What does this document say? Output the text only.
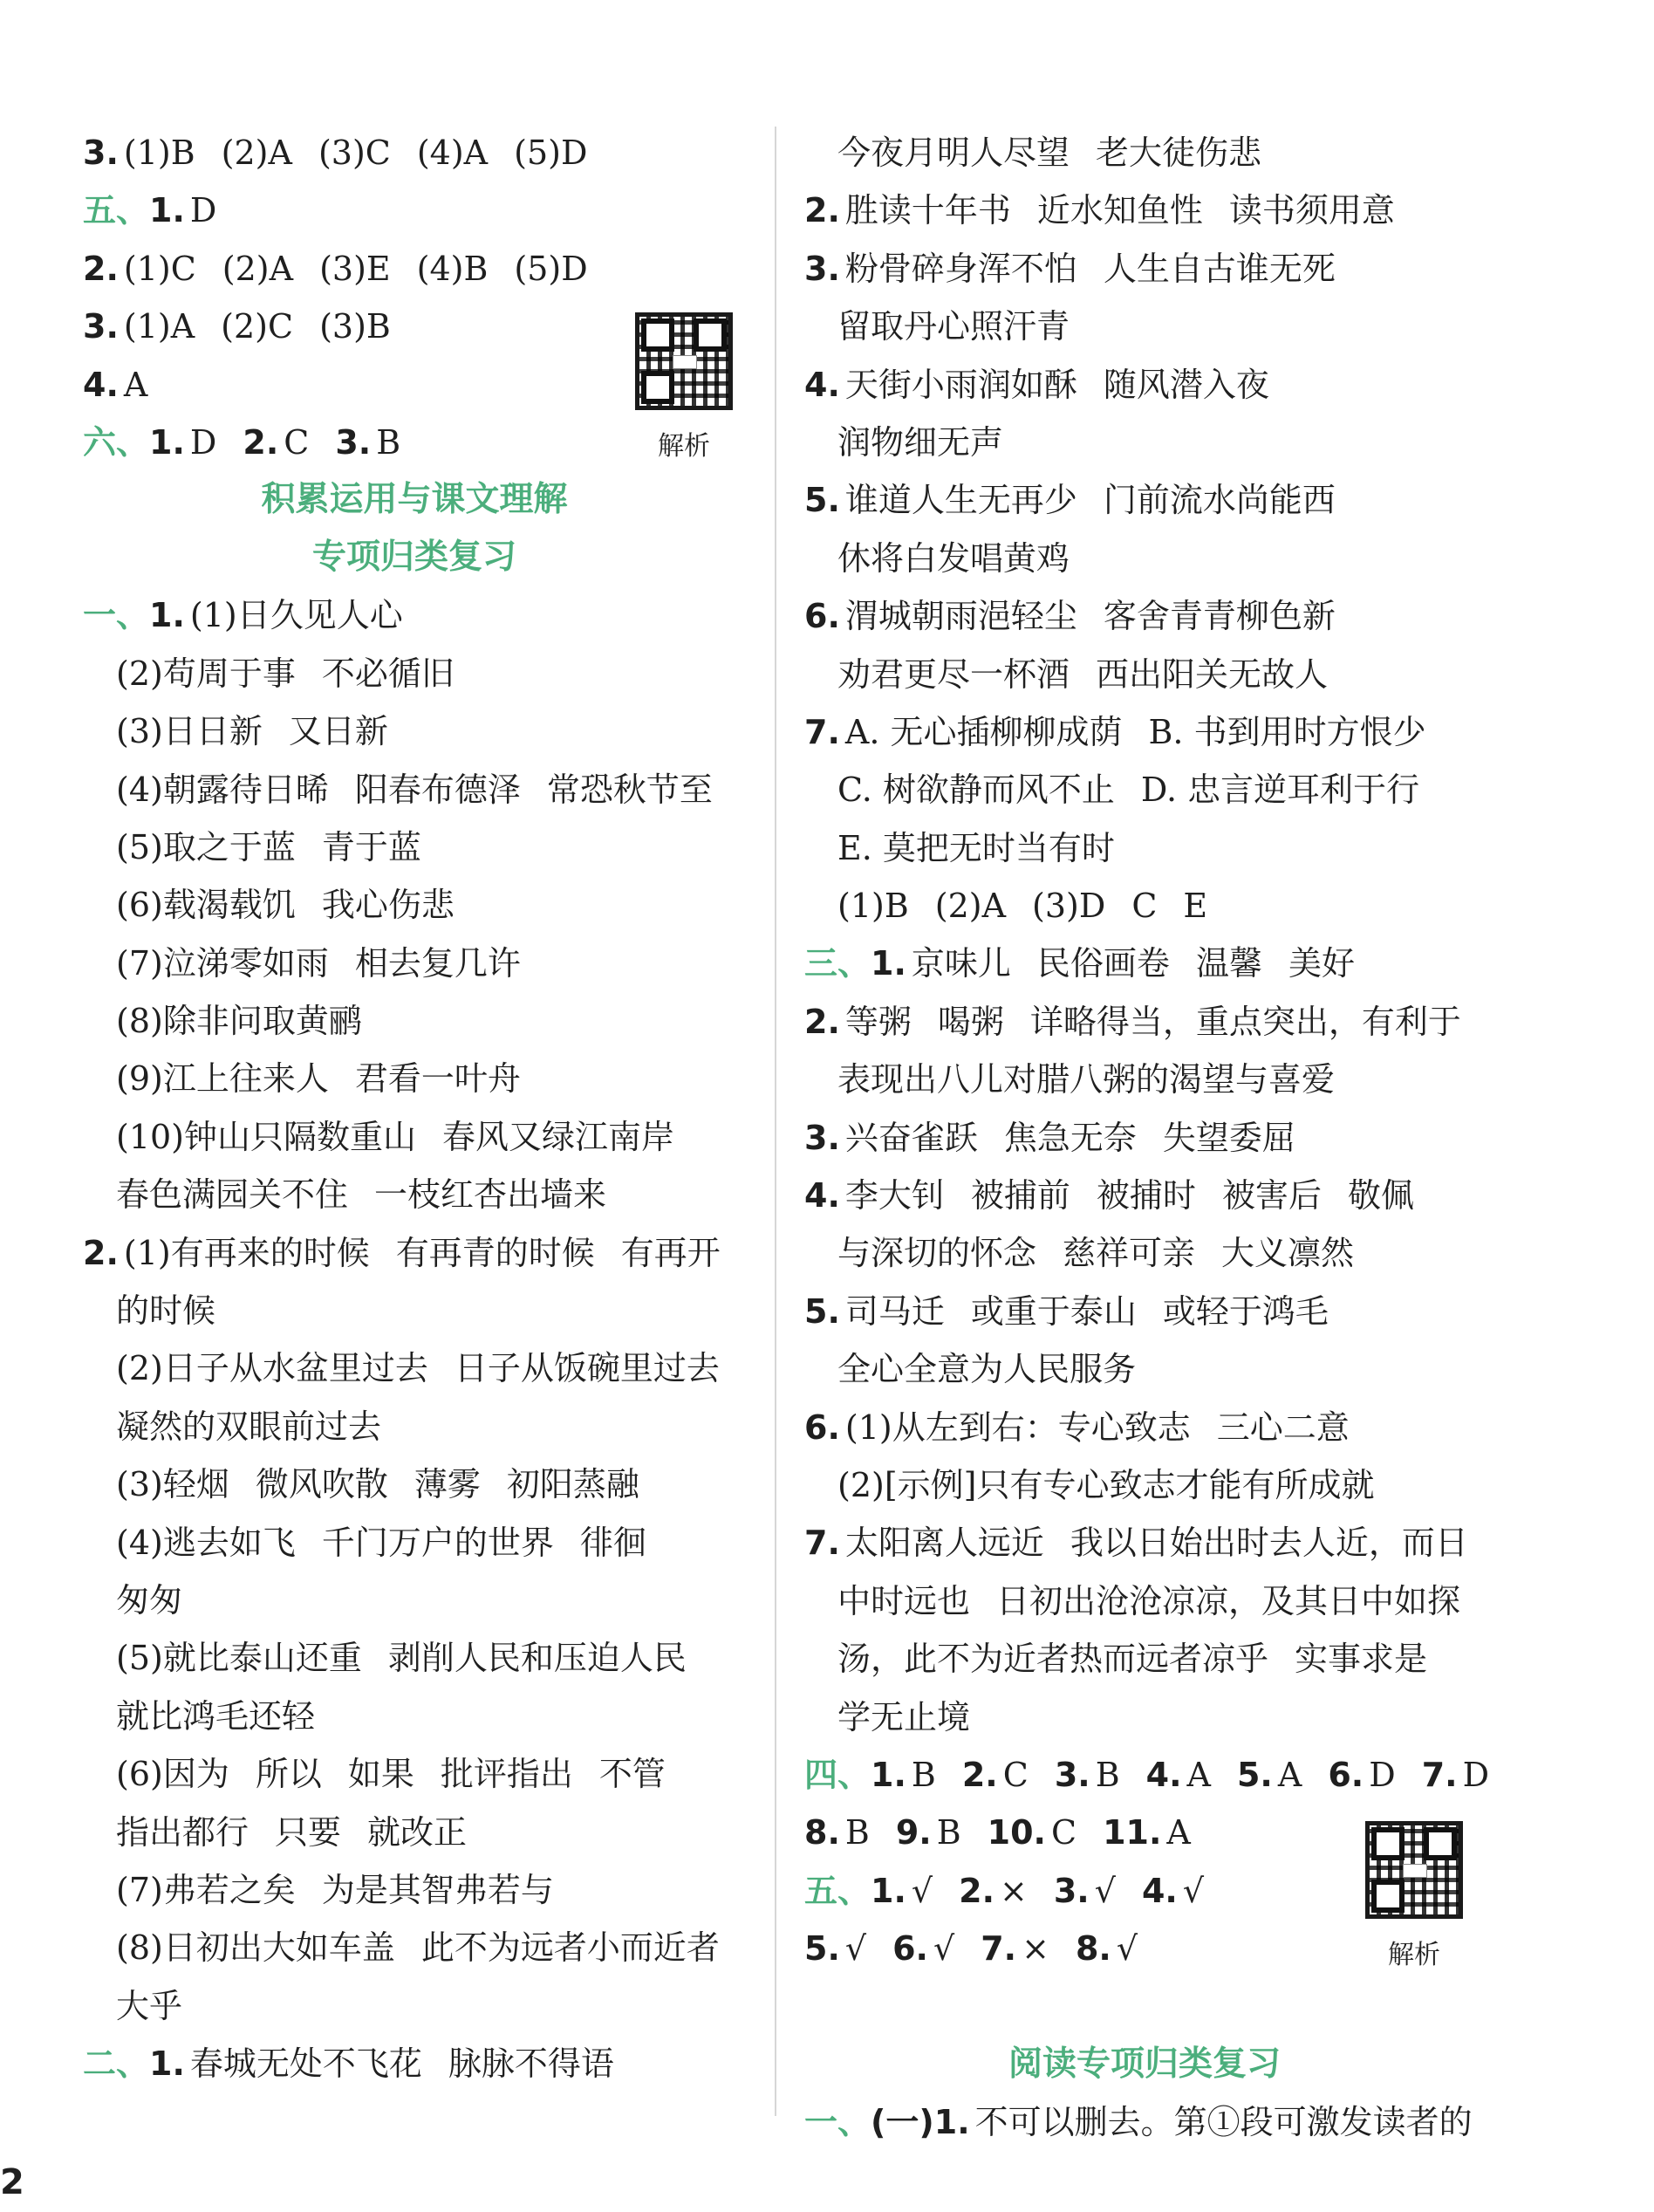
3. (1)B (2)A (3)C (4)A (5)D
五、1. D
2. (1)C (2)A (3)E (4)B (5)D
3. (1)A (2)C (3)B
4. A
六、1. D 2. C 3. B
积累运用与课文理解
专项归类复习
一、1. (1)日久见人心
(2)苟周于事 不必循旧
(3)日日新 又日新
(4)朝露待日晞 阳春布德泽 常恐秋节至
(5)取之于蓝 青于蓝
(6)载渴载饥 我心伤悲
(7)泣涕零如雨 相去复几许
(8)除非问取黄鹂
(9)江上往来人 君看一叶舟
(10)钟山只隔数重山 春风又绿江南岸
春色满园关不住 一枝红杏出墙来
2. (1)有再来的时候 有再青的时候 有再开
的时候
(2)日子从水盆里过去 日子从饭碗里过去
凝然的双眼前过去
(3)轻烟 微风吹散 薄雾 初阳蒸融
(4)逃去如飞 千门万户的世界 徘徊
匆匆
(5)就比泰山还重 剥削人民和压迫人民
就比鸿毛还轻
(6)因为 所以 如果 批评指出 不管
指出都行 只要 就改正
(7)弗若之矣 为是其智弗若与
(8)日初出大如车盖 此不为远者小而近者
大乎
二、1. 春城无处不飞花 脉脉不得语
今夜月明人尽望 老大徒伤悲
2. 胜读十年书 近水知鱼性 读书须用意
3. 粉骨碎身浑不怕 人生自古谁无死
留取丹心照汗青
4. 天街小雨润如酥 随风潜入夜
润物细无声
5. 谁道人生无再少 门前流水尚能西
休将白发唱黄鸡
6. 渭城朝雨浥轻尘 客舍青青柳色新
劝君更尽一杯酒 西出阳关无故人
7. A. 无心插柳柳成荫 B. 书到用时方恨少
C. 树欲静而风不止 D. 忠言逆耳利于行
E. 莫把无时当有时
(1)B (2)A (3)D C E
三、1. 京味儿 民俗画卷 温馨 美好
2. 等粥 喝粥 详略得当，重点突出，有利于
表现出八儿对腊八粥的渴望与喜爱
3. 兴奋雀跃 焦急无奈 失望委屈
4. 李大钊 被捕前 被捕时 被害后 敬佩
与深切的怀念 慈祥可亲 大义凛然
5. 司马迁 或重于泰山 或轻于鸿毛
全心全意为人民服务
6. (1)从左到右：专心致志 三心二意
(2)[示例]只有专心致志才能有所成就
7. 太阳离人远近 我以日始出时去人近，而日
中时远也 日初出沧沧凉凉，及其日中如探
汤，此不为近者热而远者凉乎 实事求是
学无止境
四、1. B 2. C 3. B 4. A 5. A 6. D 7. D
8. B 9. B 10. C 11. A
五、1. √ 2. × 3. √ 4. √
5. √ 6. √ 7. × 8. √
阅读专项归类复习
一、(一)1. 不可以删去。第①段可激发读者的
解析
解析
2
